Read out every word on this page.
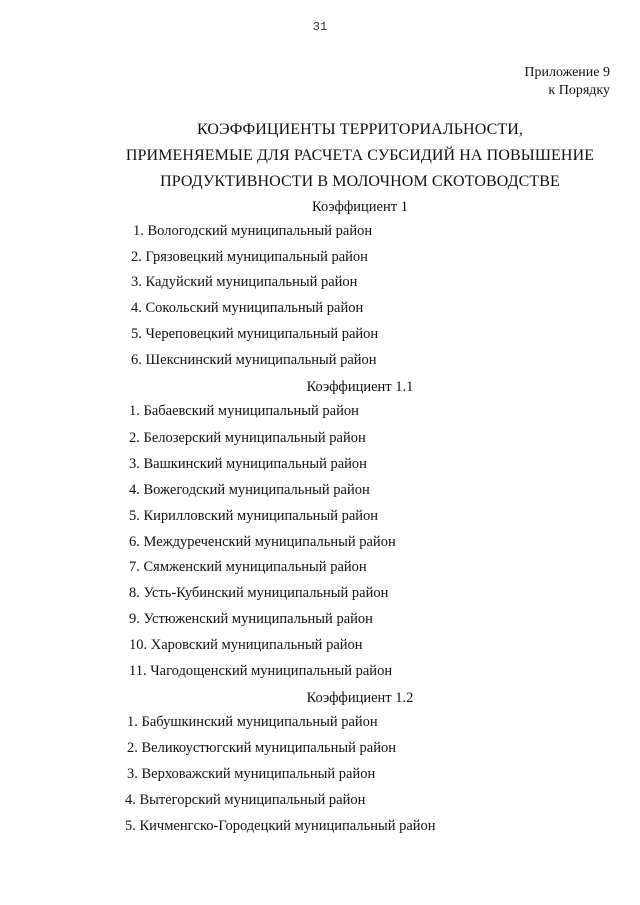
31
Приложение 9
к Порядку
КОЭФФИЦИЕНТЫ ТЕРРИТОРИАЛЬНОСТИ,
ПРИМЕНЯЕМЫЕ ДЛЯ РАСЧЕТА СУБСИДИЙ НА ПОВЫШЕНИЕ
ПРОДУКТИВНОСТИ В МОЛОЧНОМ СКОТОВОДСТВЕ
Коэффициент 1
1. Вологодский муниципальный район
2. Грязовецкий муниципальный район
3. Кадуйский муниципальный район
4. Сокольский муниципальный район
5. Череповецкий муниципальный район
6. Шекснинский муниципальный район
Коэффициент 1.1
1. Бабаевский муниципальный район
2. Белозерский муниципальный район
3. Вашкинский муниципальный район
4. Вожегодский муниципальный район
5. Кирилловский муниципальный район
6. Междуреченский муниципальный район
7. Сямженский муниципальный район
8. Усть-Кубинский муниципальный район
9. Устюженский муниципальный район
10. Харовский муниципальный район
11. Чагодощенский муниципальный район
Коэффициент 1.2
1. Бабушкинский муниципальный район
2. Великоустюгский муниципальный район
3. Верховажский муниципальный район
4. Вытегорский муниципальный район
5. Кичменгско-Городецкий муниципальный район
